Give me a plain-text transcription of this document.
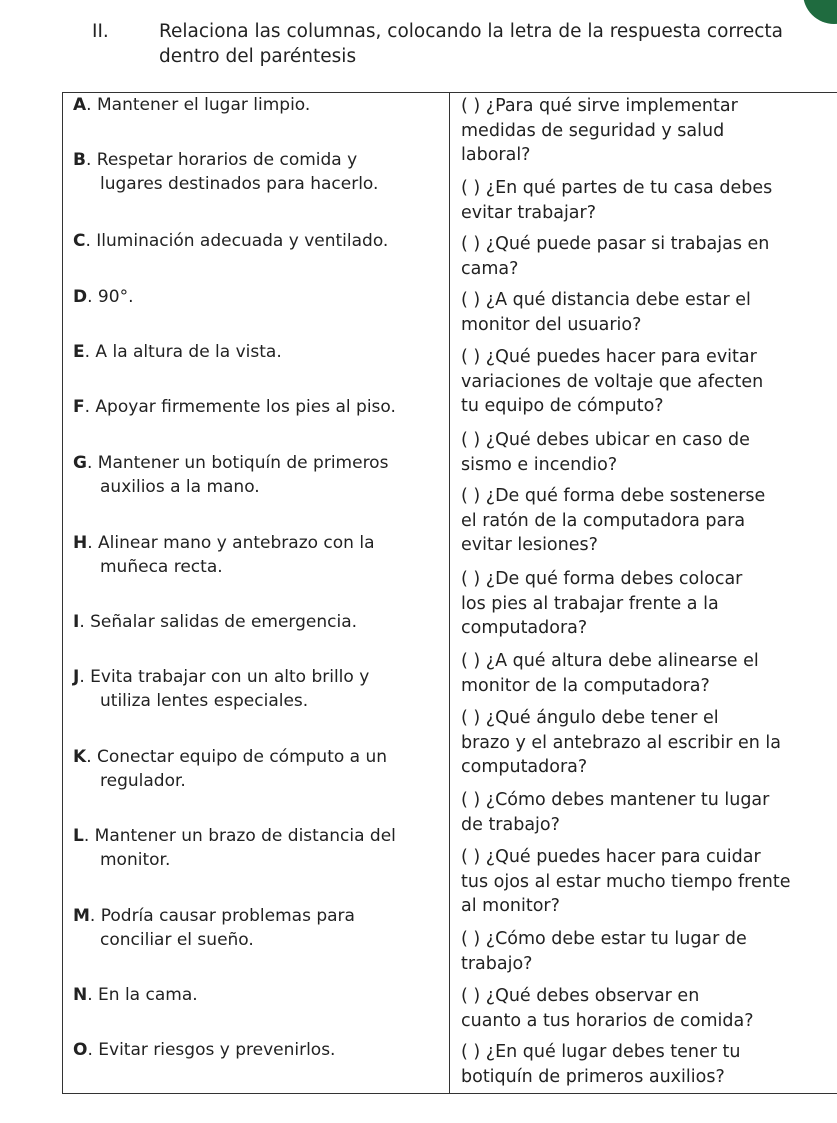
II.	Relaciona las columnas, colocando la letra de la respuesta correcta
dentro del paréntesis
A. Mantener el lugar limpio.
B. Respetar horarios de comida y
lugares destinados para hacerlo.
C. Iluminación adecuada y ventilado.
D. 90°.
E. A la altura de la vista.
F. Apoyar firmemente los pies al piso.
G. Mantener un botiquín de primeros
auxilios a la mano.
H. Alinear mano y antebrazo con la
muñeca recta.
I. Señalar salidas de emergencia.
J. Evita trabajar con un alto brillo y
utiliza lentes especiales.
K. Conectar equipo de cómputo a un
regulador.
L. Mantener un brazo de distancia del
monitor.
M. Podría causar problemas para
conciliar el sueño.
N. En la cama.
O. Evitar riesgos y prevenirlos.
( ) ¿Para qué sirve implementar
medidas de seguridad y salud
laboral?
( ) ¿En qué partes de tu casa debes
evitar trabajar?
( ) ¿Qué puede pasar si trabajas en
cama?
( ) ¿A qué distancia debe estar el
monitor del usuario?
( ) ¿Qué puedes hacer para evitar
variaciones de voltaje que afecten
tu equipo de cómputo?
( ) ¿Qué debes ubicar en caso de
sismo e incendio?
( ) ¿De qué forma debe sostenerse
el ratón de la computadora para
evitar lesiones?
( ) ¿De qué forma debes colocar
los pies al trabajar frente a la
computadora?
( ) ¿A qué altura debe alinearse el
monitor de la computadora?
( ) ¿Qué ángulo debe tener el
brazo y el antebrazo al escribir en la
computadora?
( ) ¿Cómo debes mantener tu lugar
de trabajo?
( ) ¿Qué puedes hacer para cuidar
tus ojos al estar mucho tiempo frente
al monitor?
( ) ¿Cómo debe estar tu lugar de
trabajo?
( ) ¿Qué debes observar en
cuanto a tus horarios de comida?
( ) ¿En qué lugar debes tener tu
botiquín de primeros auxilios?
